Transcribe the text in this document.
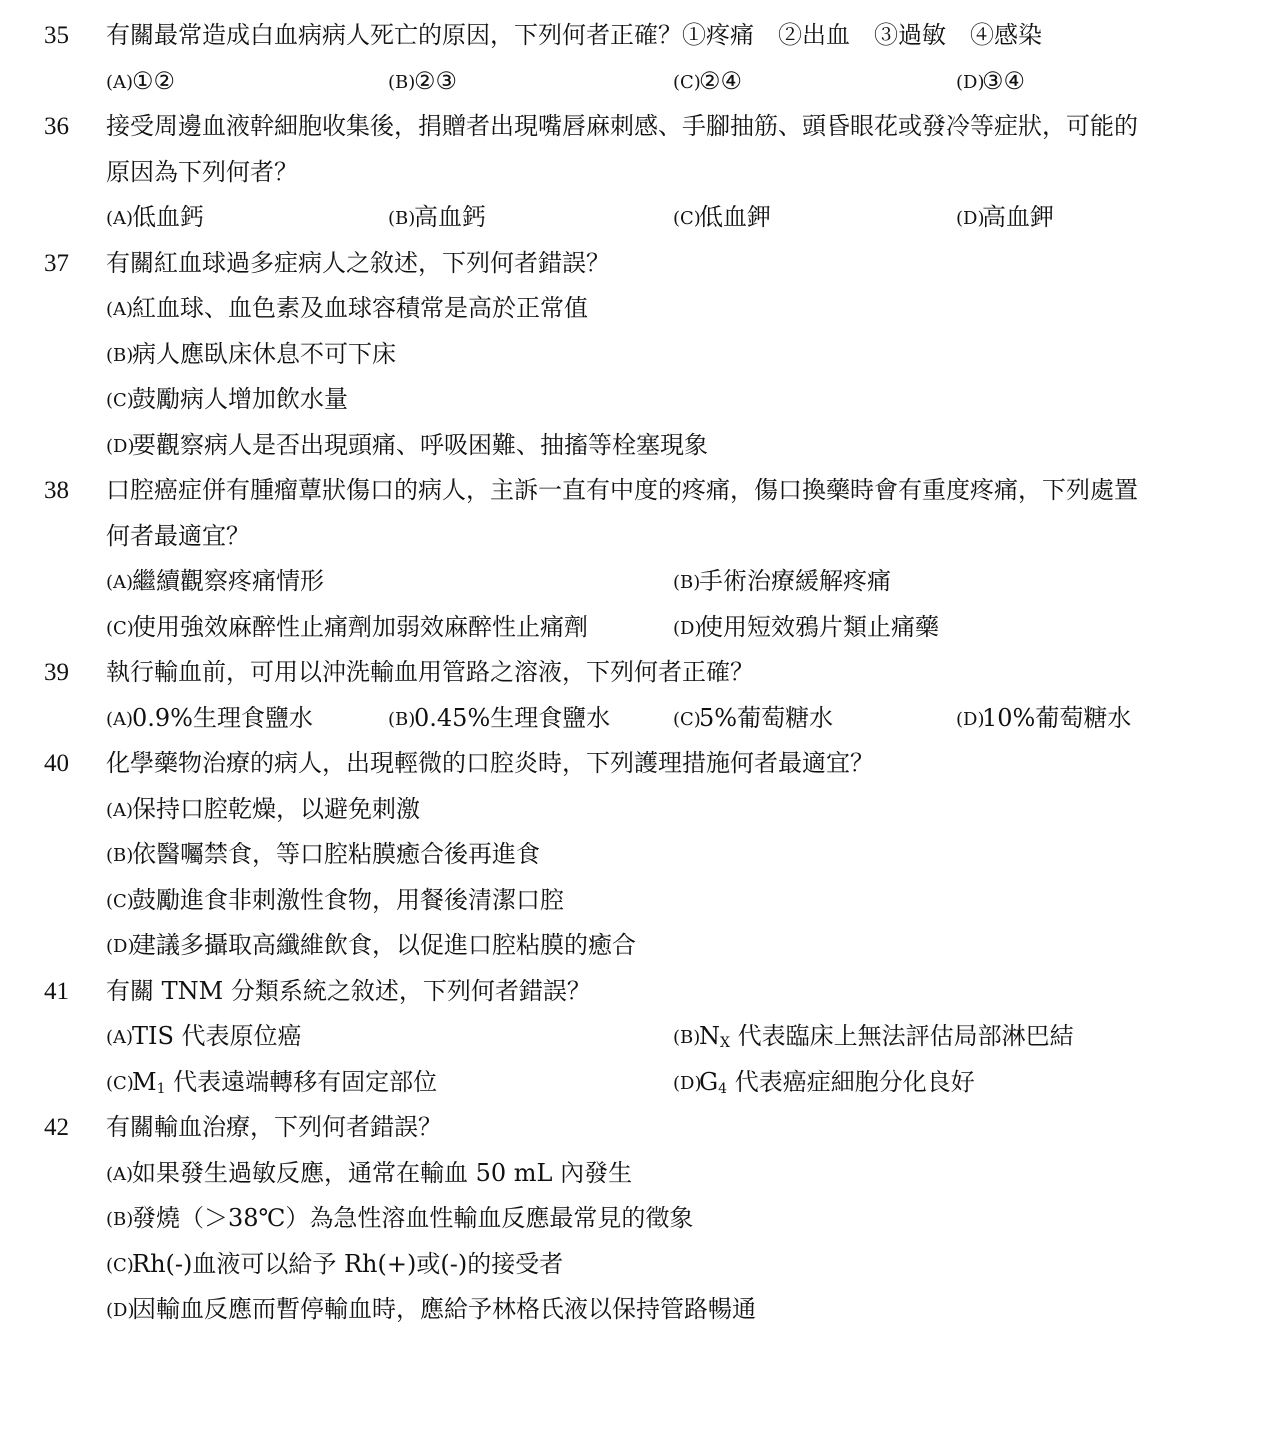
35 有關最常造成白血病病人死亡的原因，下列何者正確？①疼痛　②出血　③過敏　④感染
(A)①②	(B)②③	(C)②④	(D)③④
36 接受周邊血液幹細胞收集後，捐贈者出現嘴唇麻刺感、手腳抽筋、頭昏眼花或發冷等症狀，可能的
原因為下列何者？
(A)低血鈣	(B)高血鈣	(C)低血鉀	(D)高血鉀
37 有關紅血球過多症病人之敘述，下列何者錯誤？
(A)紅血球、血色素及血球容積常是高於正常值
(B)病人應臥床休息不可下床
(C)鼓勵病人增加飲水量
(D)要觀察病人是否出現頭痛、呼吸困難、抽搐等栓塞現象
38 口腔癌症併有腫瘤蕈狀傷口的病人，主訴一直有中度的疼痛，傷口換藥時會有重度疼痛，下列處置
何者最適宜？
(A)繼續觀察疼痛情形	(B)手術治療緩解疼痛
(C)使用強效麻醉性止痛劑加弱效麻醉性止痛劑	(D)使用短效鴉片類止痛藥
39 執行輸血前，可用以沖洗輸血用管路之溶液，下列何者正確？
(A)0.9%生理食鹽水	(B)0.45%生理食鹽水	(C)5%葡萄糖水	(D)10%葡萄糖水
40 化學藥物治療的病人，出現輕微的口腔炎時，下列護理措施何者最適宜？
(A)保持口腔乾燥，以避免刺激
(B)依醫囑禁食，等口腔粘膜癒合後再進食
(C)鼓勵進食非刺激性食物，用餐後清潔口腔
(D)建議多攝取高纖維飲食，以促進口腔粘膜的癒合
41 有關 TNM 分類系統之敘述，下列何者錯誤？
(A)TIS 代表原位癌	$(B)N_X$ 代表臨床上無法評估局部淋巴結
$(C)M_1$ 代表遠端轉移有固定部位	$(D)G_4$ 代表癌症細胞分化良好
42 有關輸血治療，下列何者錯誤？
(A)如果發生過敏反應，通常在輸血 50 mL 內發生
(B)發燒（＞38℃）為急性溶血性輸血反應最常見的徵象
(C)Rh(-)血液可以給予 Rh(+)或(-)的接受者
(D)因輸血反應而暫停輸血時，應給予林格氏液以保持管路暢通
